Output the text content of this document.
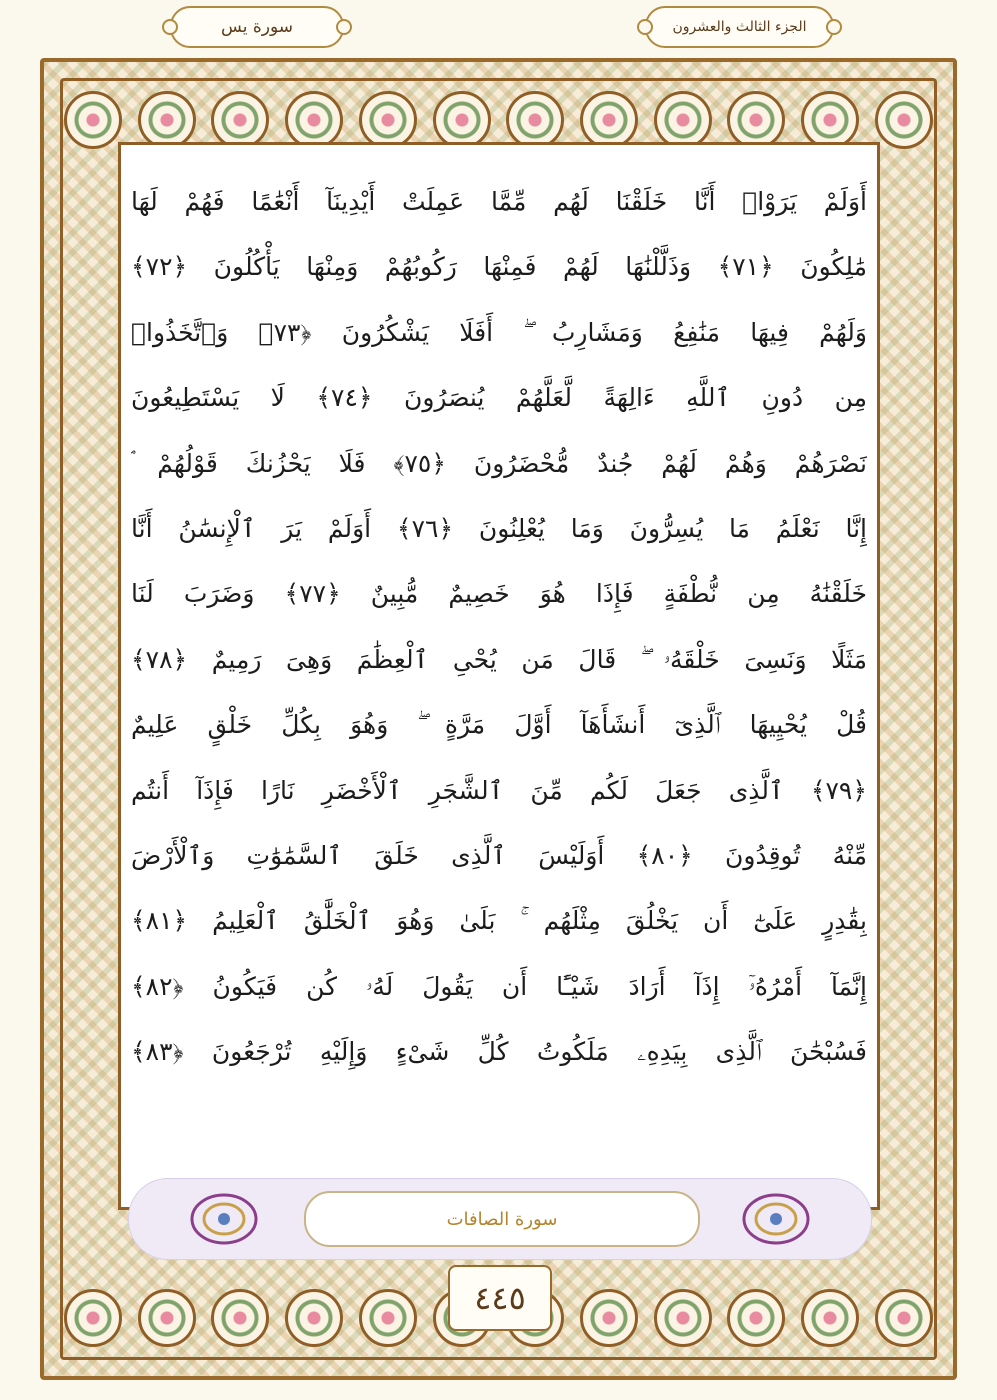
الجزء الثالث والعشرون
سورة يس
أَوَلَمْ يَرَوْا۟ أَنَّا خَلَقْنَا لَهُم مِّمَّا عَمِلَتْ أَيْدِينَآ أَنْعَٰمًا فَهُمْ لَهَا
مَٰلِكُونَ ﴿٧١﴾ وَذَلَّلْنَٰهَا لَهُمْ فَمِنْهَا رَكُوبُهُمْ وَمِنْهَا يَأْكُلُونَ ﴿٧٢﴾
وَلَهُمْ فِيهَا مَنَٰفِعُ وَمَشَارِبُ ۖ أَفَلَا يَشْكُرُونَ ﴿٧٣﴾ وَٱتَّخَذُوا۟
مِن دُونِ ٱللَّهِ ءَالِهَةً لَّعَلَّهُمْ يُنصَرُونَ ﴿٧٤﴾ لَا يَسْتَطِيعُونَ
نَصْرَهُمْ وَهُمْ لَهُمْ جُندٌ مُّحْضَرُونَ ﴿٧٥﴾ فَلَا يَحْزُنكَ قَوْلُهُمْ ۘ
إِنَّا نَعْلَمُ مَا يُسِرُّونَ وَمَا يُعْلِنُونَ ﴿٧٦﴾ أَوَلَمْ يَرَ ٱلْإِنسَٰنُ أَنَّا
خَلَقْنَٰهُ مِن نُّطْفَةٍ فَإِذَا هُوَ خَصِيمٌ مُّبِينٌ ﴿٧٧﴾ وَضَرَبَ لَنَا
مَثَلًا وَنَسِىَ خَلْقَهُۥ ۖ قَالَ مَن يُحْىِ ٱلْعِظَٰمَ وَهِىَ رَمِيمٌ ﴿٧٨﴾
قُلْ يُحْيِيهَا ٱلَّذِىٓ أَنشَأَهَآ أَوَّلَ مَرَّةٍ ۖ وَهُوَ بِكُلِّ خَلْقٍ عَلِيمٌ
﴿٧٩﴾ ٱلَّذِى جَعَلَ لَكُم مِّنَ ٱلشَّجَرِ ٱلْأَخْضَرِ نَارًا فَإِذَآ أَنتُم
مِّنْهُ تُوقِدُونَ ﴿٨٠﴾ أَوَلَيْسَ ٱلَّذِى خَلَقَ ٱلسَّمَٰوَٰتِ وَٱلْأَرْضَ
بِقَٰدِرٍ عَلَىٰٓ أَن يَخْلُقَ مِثْلَهُم ۚ بَلَىٰ وَهُوَ ٱلْخَلَّٰقُ ٱلْعَلِيمُ ﴿٨١﴾
إِنَّمَآ أَمْرُهُۥٓ إِذَآ أَرَادَ شَيْـًٔا أَن يَقُولَ لَهُۥ كُن فَيَكُونُ ﴿٨٢﴾
فَسُبْحَٰنَ ٱلَّذِى بِيَدِهِۦ مَلَكُوتُ كُلِّ شَىْءٍ وَإِلَيْهِ تُرْجَعُونَ ﴿٨٣﴾
سورة الصافات
٤٤٥
